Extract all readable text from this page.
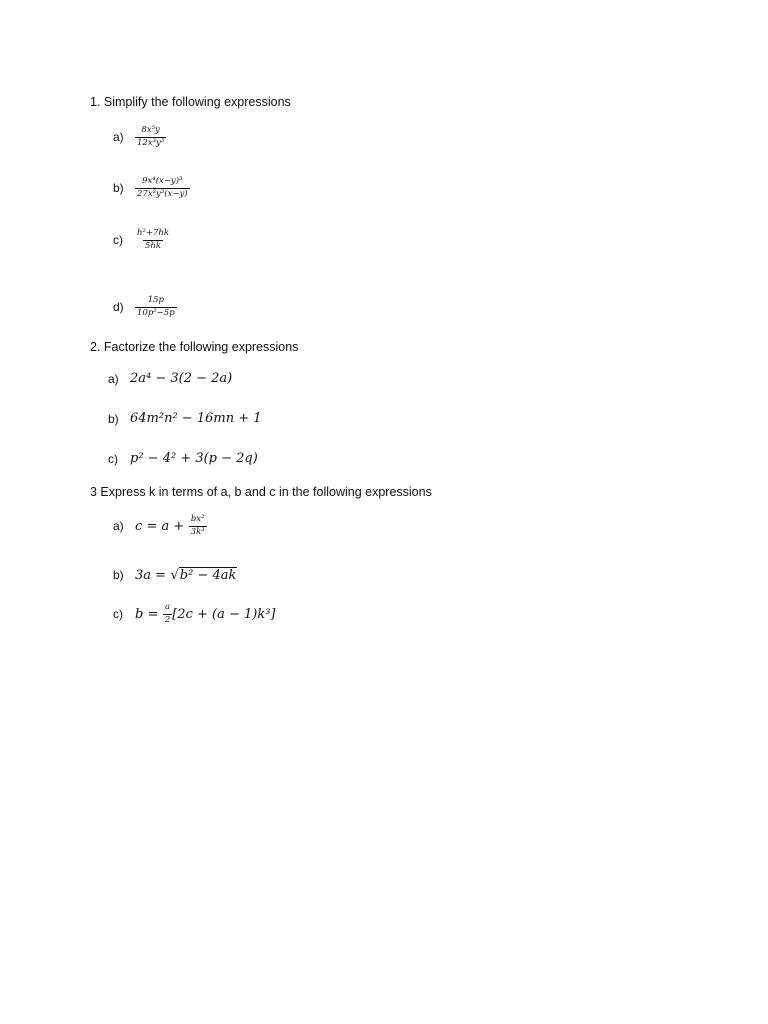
1. Simplify the following expressions
a)	$\frac{\text{8x⁵y}}{\text{12x³y³}}$
b)	$\frac{\text{9x⁴(x−y)³}}{\text{27x²y³(x−y)}}$
c)	$\frac{\text{h²+7hk}}{5hk}$
d)	$\frac{15p}{\text{10p²−5p}}$
2. Factorize the following expressions
a) 2a⁴ − 3(2 − 2a)
b) 64m²n² − 16mn + 1
c) p² − 4² + 3(p − 2q)
3 Express k in terms of a, b and c in the following expressions
a) c = a +
$\frac{\text{bx²}}{\text{3k³}}$
b) 3a =
√b² − 4ak
c) b =
$\frac{a}{2} [2c + (a - 1)k^3]$
